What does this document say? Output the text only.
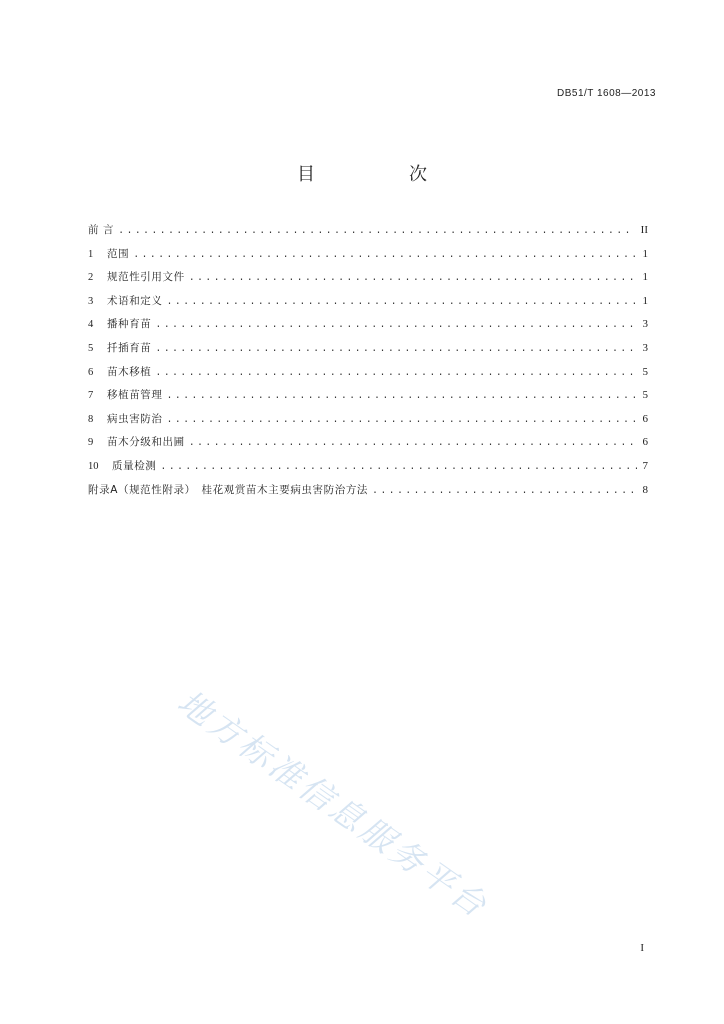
DB51/T 1608—2013
目　次
前 言 .....	II
1	范围 .....	1
2	规范性引用文件 .....	1
3	术语和定义 .....	1
4	播种育苗 .....	3
5	扦插育苗 .....	3
6	苗木移植 .....	5
7	移植苗管理 .....	5
8	病虫害防治 .....	6
9	苗木分级和出圃 .....	6
10	质量检测 .....	7
附录A（规范性附录）　桂花观赏苗木主要病虫害防治方法 .....	8
地方标准信息服务平台
I
